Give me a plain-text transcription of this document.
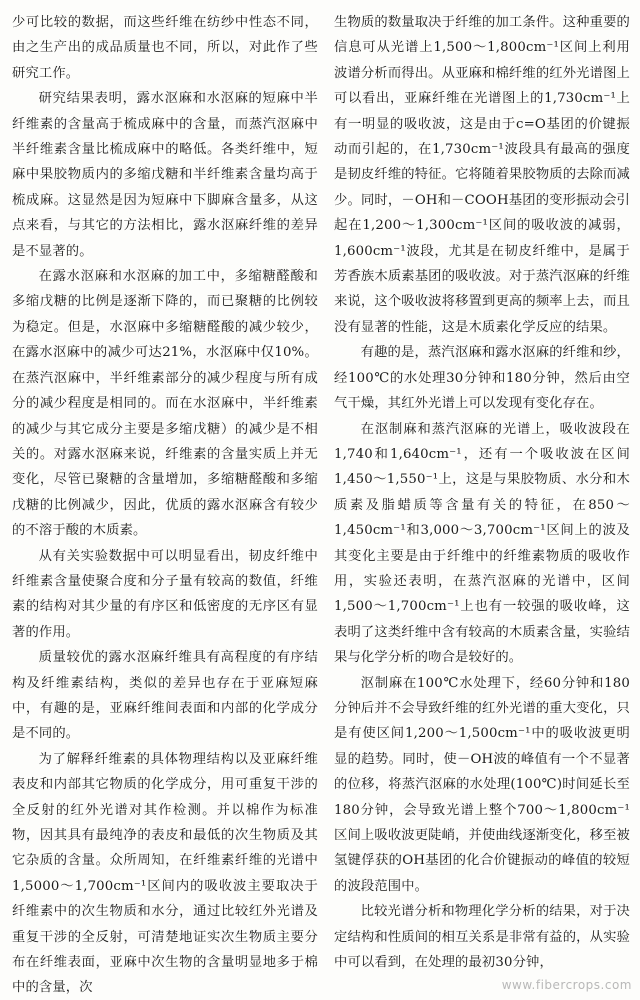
少可比较的数据，而这些纤维在纺纱中性态不同，由之生产出的成品质量也不同，所以，对此作了些研究工作。

研究结果表明，露水沤麻和水沤麻的短麻中半纤维素的含量高于梳成麻中的含量，而蒸汽沤麻中半纤维素含量比梳成麻中的略低。各类纤维中，短麻中果胶物质内的多缩戊糖和半纤维素含量均高于梳成麻。这显然是因为短麻中下脚麻含量多，从这点来看，与其它的方法相比，露水沤麻纤维的差异是不显著的。

在露水沤麻和水沤麻的加工中，多缩糖醛酸和多缩戊糖的比例是逐渐下降的，而已聚糖的比例较为稳定。但是，水沤麻中多缩糖醛酸的减少较少，在露水沤麻中的减少可达21%，水沤麻中仅10%。在蒸汽沤麻中，半纤维素部分的减少程度与所有成分的减少程度是相同的。而在水沤麻中，半纤维素的减少与其它成分主要是多缩戊糖）的减少是不相关的。对露水沤麻来说，纤维素的含量实质上并无变化，尽管已聚糖的含量增加，多缩糖醛酸和多缩戊糖的比例减少，因此，优质的露水沤麻含有较少的不溶于酸的木质素。

从有关实验数据中可以明显看出，韧皮纤维中纤维素含量使聚合度和分子量有较高的数值，纤维素的结构对其少量的有序区和低密度的无序区有显著的作用。

质量较优的露水沤麻纤维具有高程度的有序结构及纤维素结构，类似的差异也存在于亚麻短麻中，有趣的是，亚麻纤维间表面和内部的化学成分是不同的。

为了解释纤维素的具体物理结构以及亚麻纤维表皮和内部其它物质的化学成分，用可重复干涉的全反射的红外光谱对其作检测。并以棉作为标准物，因其具有最纯净的表皮和最低的次生物质及其它杂质的含量。众所周知，在纤维素纤维的光谱中1,5000～1,700cm⁻¹区间内的吸收波主要取决于纤维素中的次生物质和水分，通过比较红外光谱及重复干涉的全反射，可清楚地证实次生物质主要分布在纤维表面，亚麻中次生物的含量明显地多于棉中的含量，次

生物质的数量取决于纤维的加工条件。这种重要的信息可从光谱上1,500～1,800cm⁻¹区间上利用波谱分析而得出。从亚麻和棉纤维的红外光谱图上可以看出，亚麻纤维在光谱图上的1,730cm⁻¹上有一明显的吸收波，这是由于c=O基团的价键振动而引起的，在1,730cm⁻¹波段具有最高的强度是韧皮纤维的特征。它将随着果胶物质的去除而减少。同时，－OH和－COOH基团的变形振动会引起在1,200～1,300cm⁻¹区间的吸收波的减弱，1,600cm⁻¹波段，尤其是在韧皮纤维中，是属于芳香族木质素基团的吸收波。对于蒸汽沤麻的纤维来说，这个吸收波将移置到更高的频率上去，而且没有显著的性能，这是木质素化学反应的结果。

有趣的是，蒸汽沤麻和露水沤麻的纤维和纱，经100℃的水处理30分钟和180分钟，然后由空气干燥，其红外光谱上可以发现有变化存在。

在沤制麻和蒸汽沤麻的光谱上，吸收波段在1,740和1,640cm⁻¹，还有一个吸收波在区间1,450～1,550⁻¹上，这是与果胶物质、水分和木质素及脂蜡质等含量有关的特征，在850～1,450cm⁻¹和3,000～3,700cm⁻¹区间上的波及其变化主要是由于纤维中的纤维素物质的吸收作用，实验还表明，在蒸汽沤麻的光谱中，区间1,500～1,700cm⁻¹上也有一较强的吸收峰，这表明了这类纤维中含有较高的木质素含量，实验结果与化学分析的吻合是较好的。

沤制麻在100℃水处理下，经60分钟和180分钟后并不会导致纤维的红外光谱的重大变化，只是有使区间1,200～1,500cm⁻¹中的吸收波更明显的趋势。同时，使－OH波的峰值有一个不显著的位移，将蒸汽沤麻的水处理(100℃)时间延长至180分钟，会导致光谱上整个700～1,800cm⁻¹区间上吸收波更陡峭，并使曲线逐渐变化，移至被氢键俘获的OH基团的化合价键振动的峰值的较短的波段范围中。

比较光谱分析和物理化学分析的结果，对于决定结构和性质间的相互关系是非常有益的，从实验中可以看到，在处理的最初30分钟，

www.fibercrops.com
